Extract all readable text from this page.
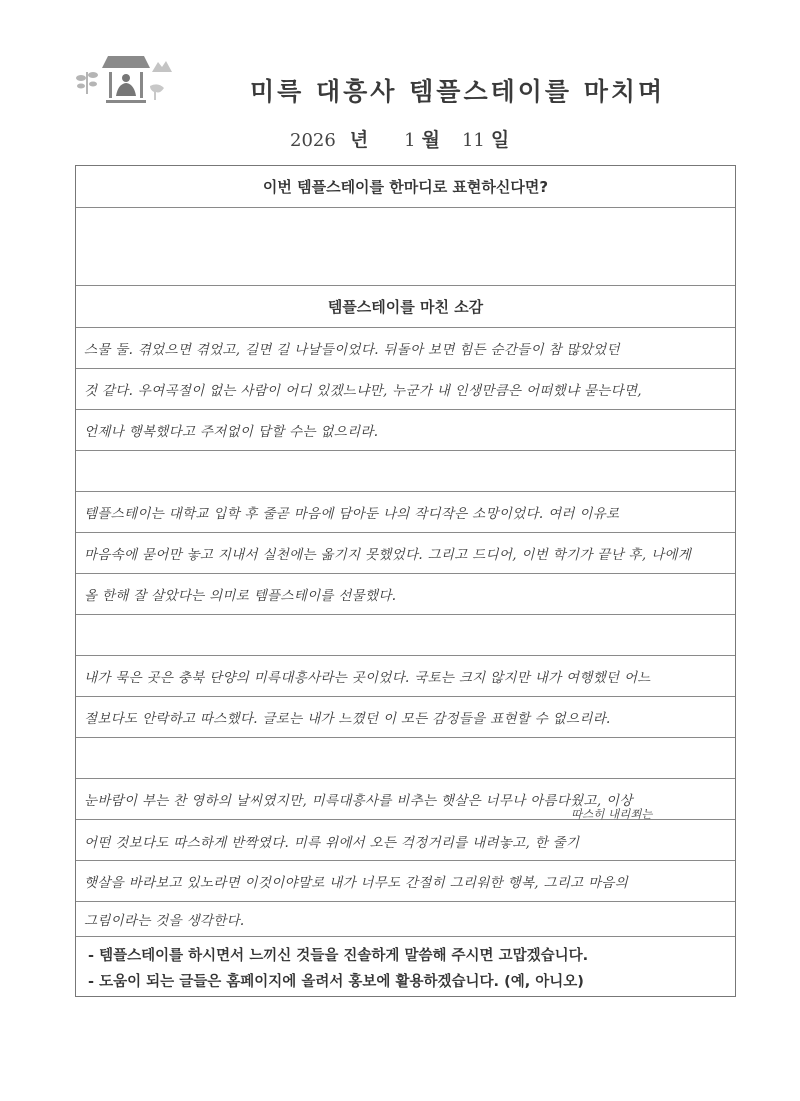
미륵 대흥사 템플스테이를 마치며
2026 년 1 월 11 일
이번 템플스테이를 한마디로 표현하신다면?
템플스테이를 마친 소감
스물 둘. 겪었으면 겪었고, 길면 길 나날들이었다. 뒤돌아 보면 힘든 순간들이 참 많았었던
것 같다. 우여곡절이 없는 사람이 어디 있겠느냐만, 누군가 내 인생만큼은 어떠했냐 묻는다면,
언제나 행복했다고 주저없이 답할 수는 없으리라.
템플스테이는 대학교 입학 후 줄곧 마음에 담아둔 나의 작디작은 소망이었다. 여러 이유로
마음속에 묻어만 놓고 지내서 실천에는 옮기지 못했었다. 그리고 드디어, 이번 학기가 끝난 후, 나에게
올 한해 잘 살았다는 의미로 템플스테이를 선물했다.
내가 묵은 곳은 충북 단양의 미륵대흥사라는 곳이었다. 국토는 크지 않지만 내가 여행했던 어느
절보다도 안락하고 따스했다. 글로는 내가 느꼈던 이 모든 감정들을 표현할 수 없으리라.
눈바람이 부는 찬 영하의 날씨였지만, 미륵대흥사를 비추는 햇살은 너무나 아름다웠고, 이상
따스히 내리쬐는
어떤 것보다도 따스하게 반짝였다. 미륵 위에서 오든 걱정거리를 내려놓고, 한 줄기
햇살을 바라보고 있노라면 이것이야말로 내가 너무도 간절히 그리워한 행복, 그리고 마음의
그림이라는 것을 생각한다.
- 템플스테이를 하시면서 느끼신 것들을 진솔하게 말씀해 주시면 고맙겠습니다.
- 도움이 되는 글들은 홈페이지에 올려서 홍보에 활용하겠습니다. (예, 아니오)
